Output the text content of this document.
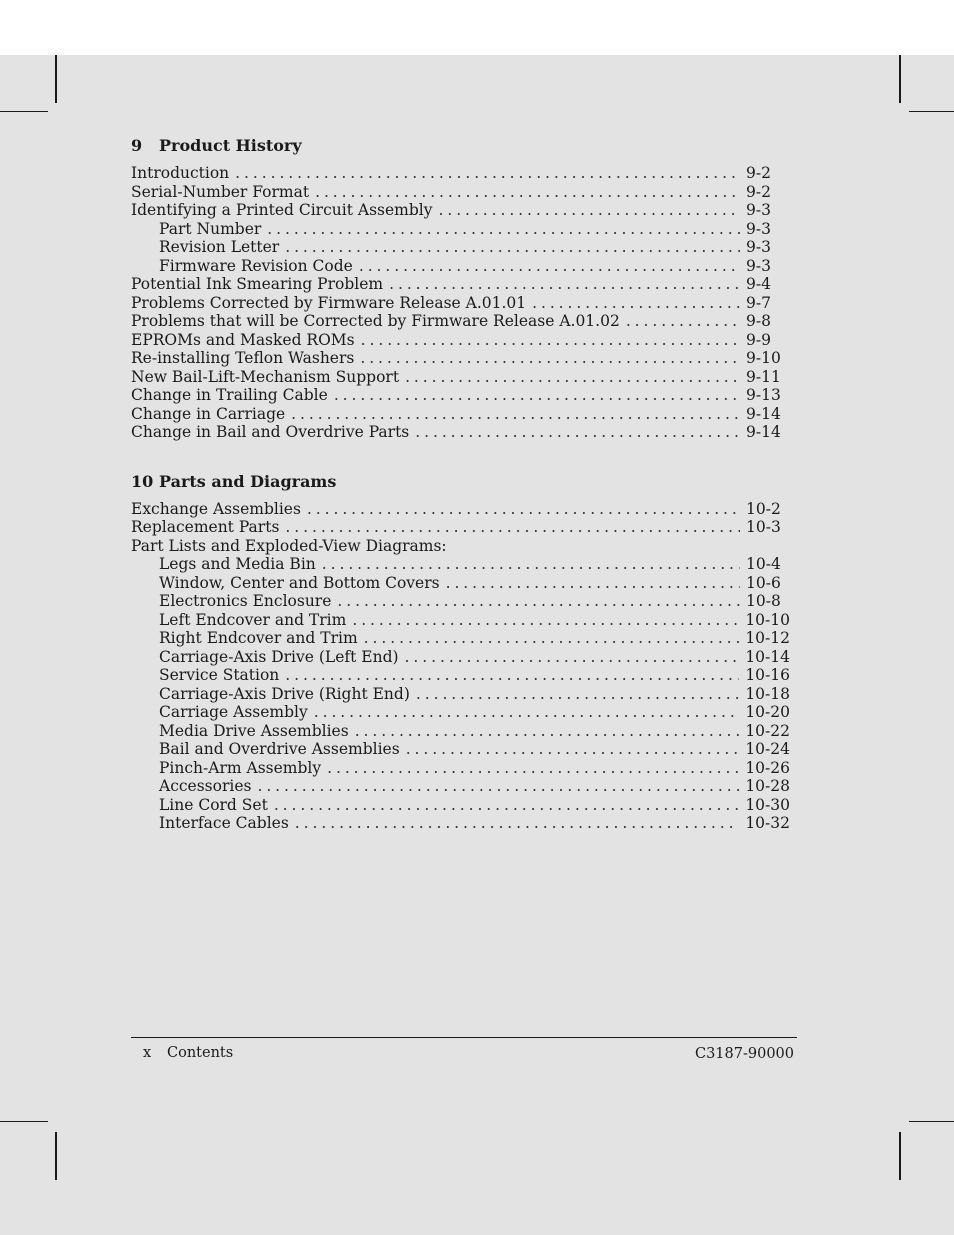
9 Product History
Introduction . . .	9-2
Serial-Number Format . . .	9-2
Identifying a Printed Circuit Assembly . . .	9-3
Part Number . . .	9-3
Revision Letter . . .	9-3
Firmware Revision Code . . .	9-3
Potential Ink Smearing Problem . . .	9-4
Problems Corrected by Firmware Release A.01.01 . . .	9-7
Problems that will be Corrected by Firmware Release A.01.02 . . .	9-8
EPROMs and Masked ROMs . . .	9-9
Re-installing Teflon Washers . . .	9-10
New Bail-Lift-Mechanism Support . . .	9-11
Change in Trailing Cable . . .	9-13
Change in Carriage . . .	9-14
Change in Bail and Overdrive Parts . . .	9-14
10 Parts and Diagrams
Exchange Assemblies . . .	10-2
Replacement Parts . . .	10-3
Part Lists and Exploded-View Diagrams:
Legs and Media Bin . . .	10-4
Window, Center and Bottom Covers . . .	10-6
Electronics Enclosure . . .	10-8
Left Endcover and Trim . . .	10-10
Right Endcover and Trim . . .	10-12
Carriage-Axis Drive (Left End) . . .	10-14
Service Station . . .	10-16
Carriage-Axis Drive (Right End) . . .	10-18
Carriage Assembly . . .	10-20
Media Drive Assemblies . . .	10-22
Bail and Overdrive Assemblies . . .	10-24
Pinch-Arm Assembly . . .	10-26
Accessories . . .	10-28
Line Cord Set . . .	10-30
Interface Cables . . .	10-32
x Contents	C3187-90000
